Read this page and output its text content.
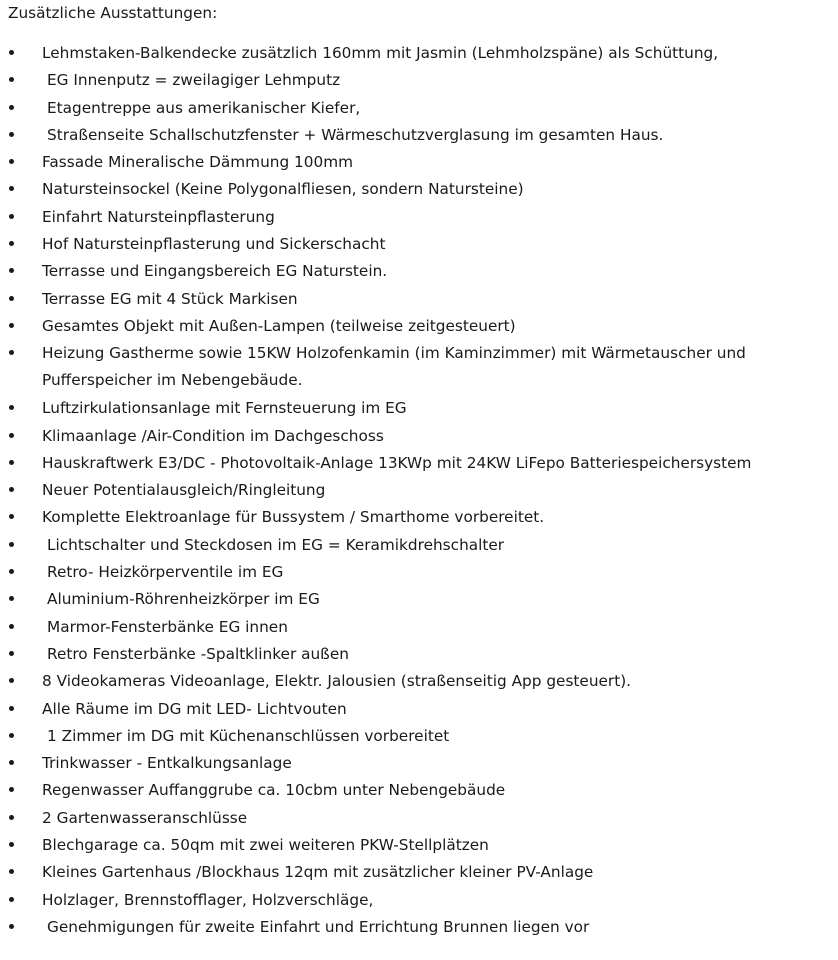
Zusätzliche Ausstattungen:
Lehmstaken-Balkendecke zusätzlich 160mm mit Jasmin (Lehmholzspäne) als Schüttung,
EG Innenputz = zweilagiger Lehmputz
Etagentreppe aus amerikanischer Kiefer,
Straßenseite Schallschutzfenster + Wärmeschutzverglasung im gesamten Haus.
Fassade Mineralische Dämmung 100mm
Natursteinsockel (Keine Polygonalfliesen, sondern Natursteine)
Einfahrt Natursteinpflasterung
Hof Natursteinpflasterung und Sickerschacht
Terrasse und Eingangsbereich EG Naturstein.
Terrasse EG mit 4 Stück Markisen
Gesamtes Objekt mit Außen-Lampen (teilweise zeitgesteuert)
Heizung Gastherme sowie 15KW Holzofenkamin (im Kaminzimmer) mit Wärmetauscher und Pufferspeicher im Nebengebäude.
Luftzirkulationsanlage mit Fernsteuerung im EG
Klimaanlage /Air-Condition im Dachgeschoss
Hauskraftwerk E3/DC - Photovoltaik-Anlage 13KWp mit 24KW LiFepo Batteriespeichersystem
Neuer Potentialausgleich/Ringleitung
Komplette Elektroanlage für Bussystem / Smarthome vorbereitet.
Lichtschalter und Steckdosen im EG = Keramikdrehschalter
Retro- Heizkörperventile im EG
Aluminium-Röhrenheizkörper im EG
Marmor-Fensterbänke EG innen
Retro Fensterbänke -Spaltklinker außen
8 Videokameras Videoanlage, Elektr. Jalousien (straßenseitig App gesteuert).
Alle Räume im DG mit LED- Lichtvouten
1 Zimmer im DG mit Küchenanschlüssen vorbereitet
Trinkwasser - Entkalkungsanlage
Regenwasser Auffanggrube ca. 10cbm unter Nebengebäude
2 Gartenwasseranschlüsse
Blechgarage ca. 50qm mit zwei weiteren PKW-Stellplätzen
Kleines Gartenhaus /Blockhaus 12qm mit zusätzlicher kleiner PV-Anlage
Holzlager, Brennstofflager, Holzverschläge,
Genehmigungen für zweite Einfahrt und Errichtung Brunnen liegen vor
